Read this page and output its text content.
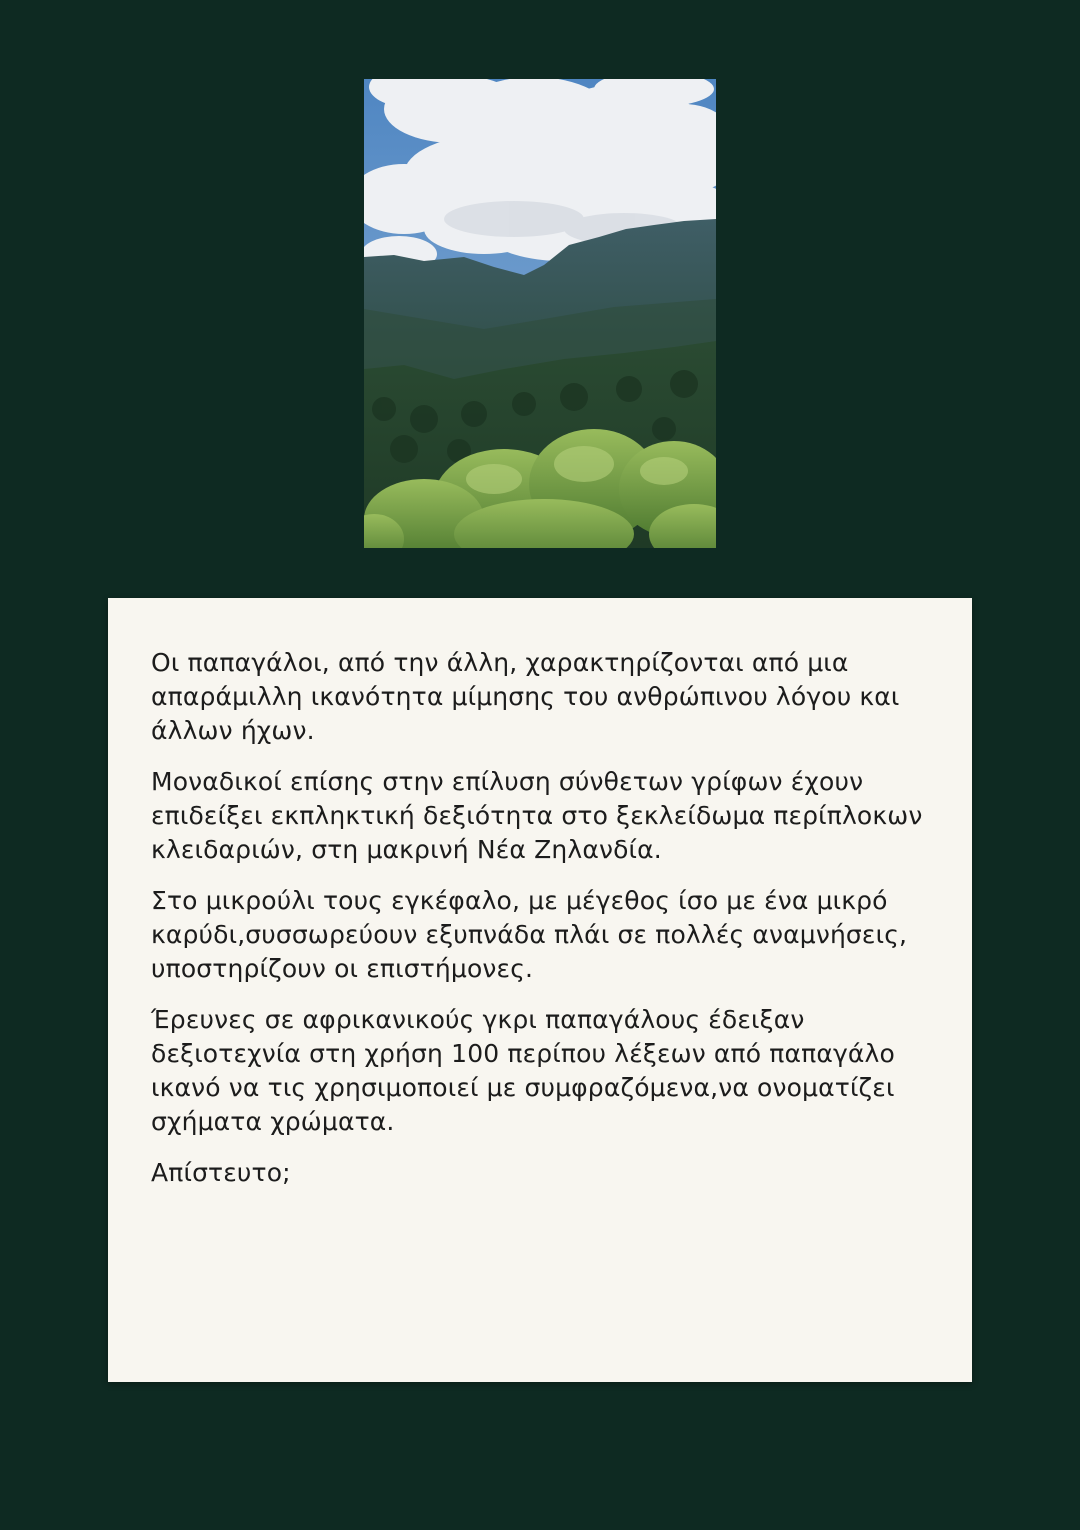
Οι παπαγάλοι, από την άλλη, χαρακτηρίζονται από μια απαράμιλλη ικανότητα μίμησης του ανθρώπινου λόγου και άλλων ήχων.

Μοναδικοί επίσης στην επίλυση σύνθετων γρίφων έχουν επιδείξει εκπληκτική δεξιότητα στο ξεκλείδωμα περίπλοκων κλειδαριών, στη μακρινή Νέα Ζηλανδία.

Στο μικρούλι τους εγκέφαλο, με μέγεθος ίσο με ένα μικρό καρύδι,συσσωρεύουν εξυπνάδα πλάι σε πολλές αναμνήσεις, υποστηρίζουν οι επιστήμονες.

Έρευνες σε αφρικανικούς γκρι παπαγάλους έδειξαν δεξιοτεχνία στη χρήση 100 περίπου λέξεων από παπαγάλο ικανό να τις χρησιμοποιεί με συμφραζόμενα,να ονοματίζει σχήματα χρώματα.

Απίστευτο;
